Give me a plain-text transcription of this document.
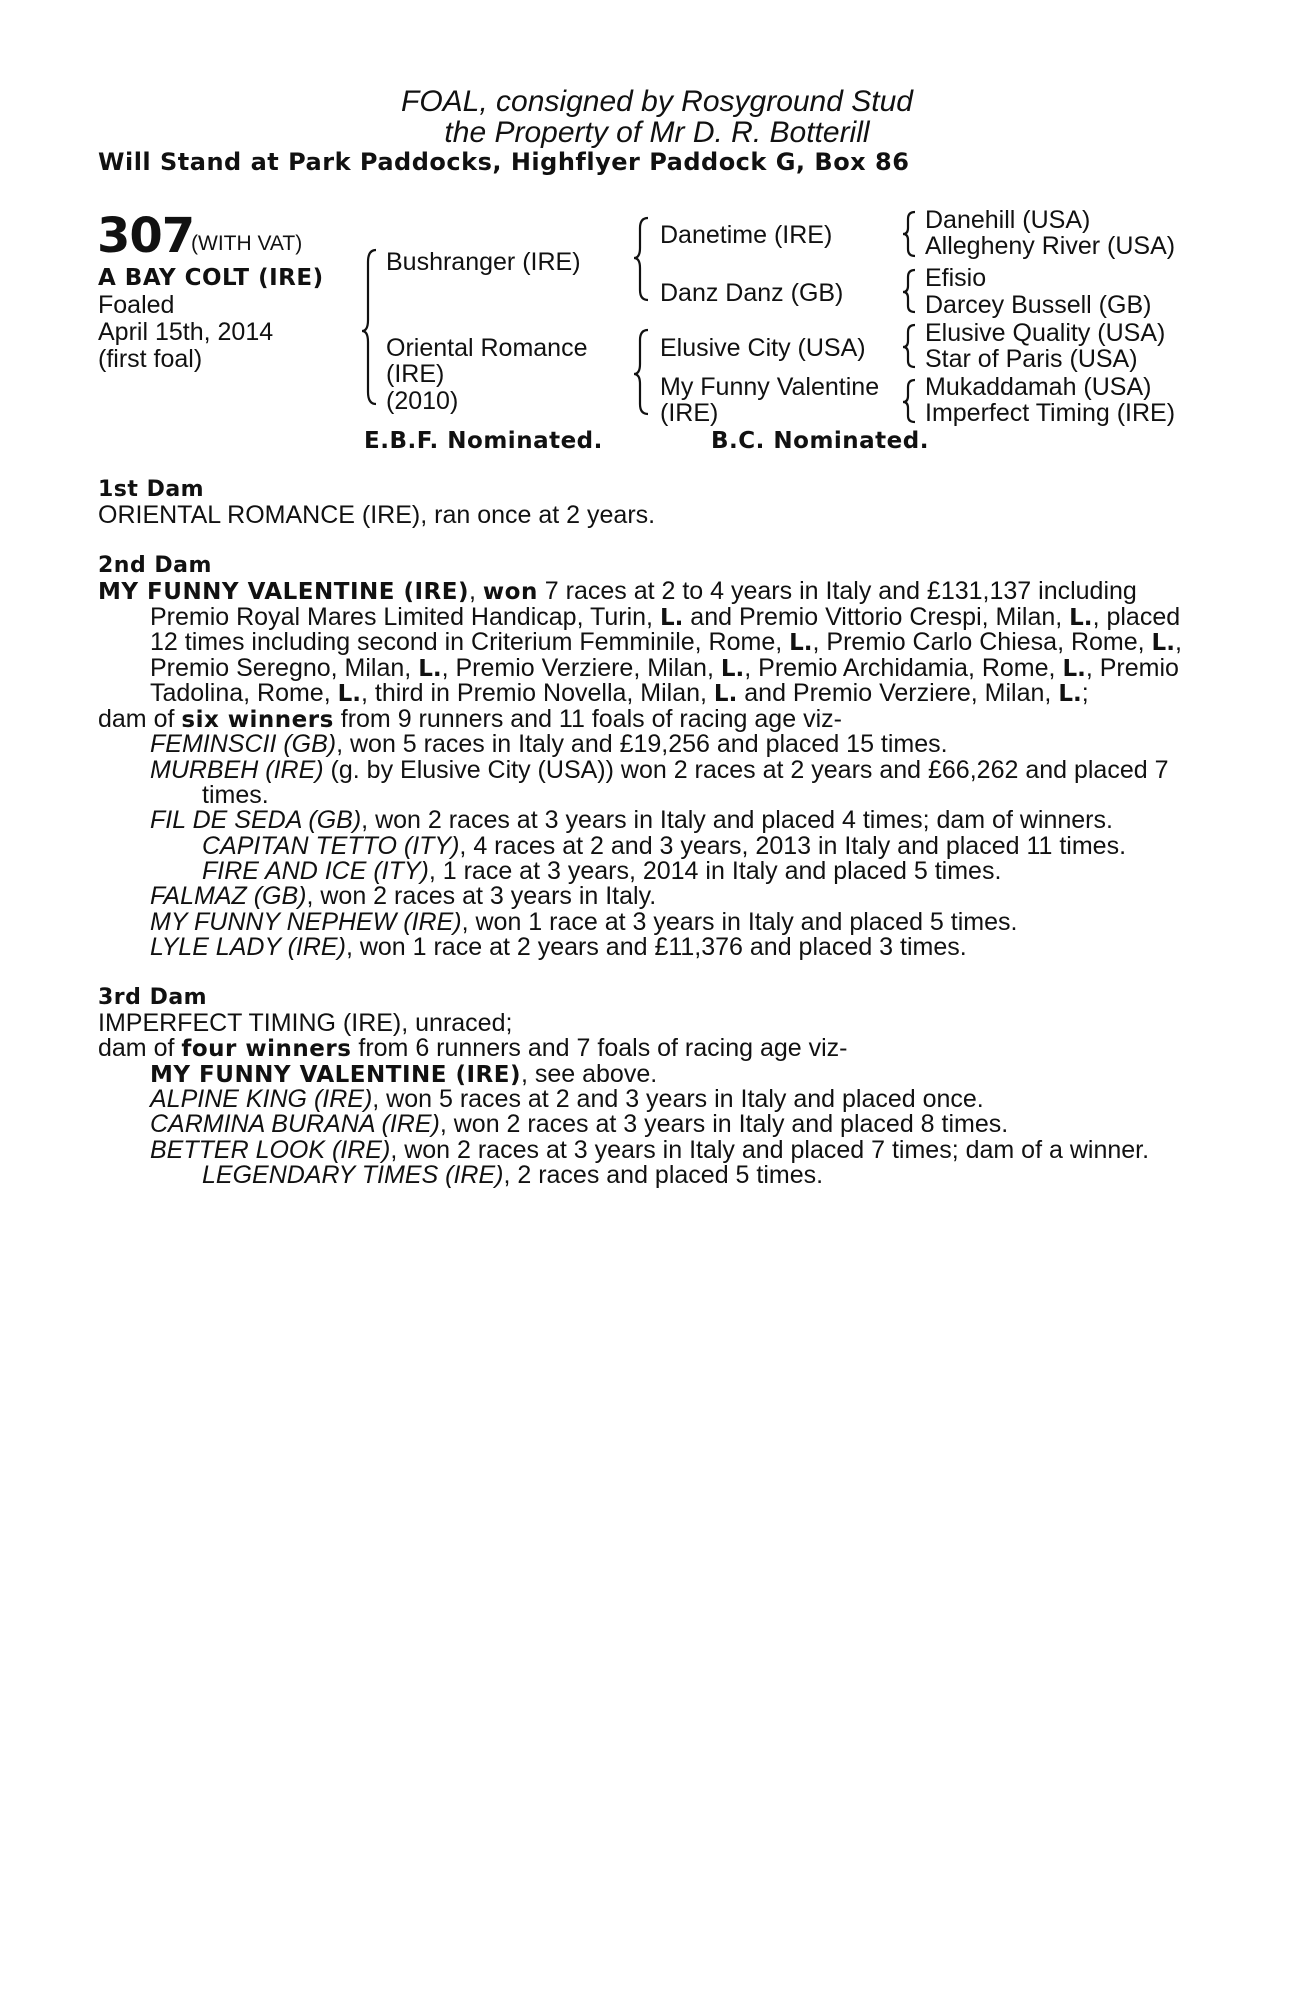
FOAL, consigned by Rosyground Stud
the Property of Mr D. R. Botterill
Will Stand at Park Paddocks, Highflyer Paddock G, Box 86
307
(WITH VAT)
A BAY COLT (IRE)
Foaled
April 15th, 2014
(first foal)
Bushranger (IRE)
Oriental Romance
(IRE)
(2010)
Danetime (IRE)
Danz Danz (GB)
Elusive City (USA)
My Funny Valentine
(IRE)
Danehill (USA)
Allegheny River (USA)
Efisio
Darcey Bussell (GB)
Elusive Quality (USA)
Star of Paris (USA)
Mukaddamah (USA)
Imperfect Timing (IRE)
E.B.F. Nominated.	B.C. Nominated.
1st Dam
ORIENTAL ROMANCE (IRE), ran once at 2 years.
2nd Dam
MY FUNNY VALENTINE (IRE), won 7 races at 2 to 4 years in Italy and £131,137 including
Premio Royal Mares Limited Handicap, Turin, L. and Premio Vittorio Crespi, Milan, L., placed
12 times including second in Criterium Femminile, Rome, L., Premio Carlo Chiesa, Rome, L.,
Premio Seregno, Milan, L., Premio Verziere, Milan, L., Premio Archidamia, Rome, L., Premio
Tadolina, Rome, L., third in Premio Novella, Milan, L. and Premio Verziere, Milan, L.;
dam of six winners from 9 runners and 11 foals of racing age viz-
FEMINSCII (GB), won 5 races in Italy and £19,256 and placed 15 times.
MURBEH (IRE) (g. by Elusive City (USA)) won 2 races at 2 years and £66,262 and placed 7
times.
FIL DE SEDA (GB), won 2 races at 3 years in Italy and placed 4 times; dam of winners.
CAPITAN TETTO (ITY), 4 races at 2 and 3 years, 2013 in Italy and placed 11 times.
FIRE AND ICE (ITY), 1 race at 3 years, 2014 in Italy and placed 5 times.
FALMAZ (GB), won 2 races at 3 years in Italy.
MY FUNNY NEPHEW (IRE), won 1 race at 3 years in Italy and placed 5 times.
LYLE LADY (IRE), won 1 race at 2 years and £11,376 and placed 3 times.
3rd Dam
IMPERFECT TIMING (IRE), unraced;
dam of four winners from 6 runners and 7 foals of racing age viz-
MY FUNNY VALENTINE (IRE), see above.
ALPINE KING (IRE), won 5 races at 2 and 3 years in Italy and placed once.
CARMINA BURANA (IRE), won 2 races at 3 years in Italy and placed 8 times.
BETTER LOOK (IRE), won 2 races at 3 years in Italy and placed 7 times; dam of a winner.
LEGENDARY TIMES (IRE), 2 races and placed 5 times.
